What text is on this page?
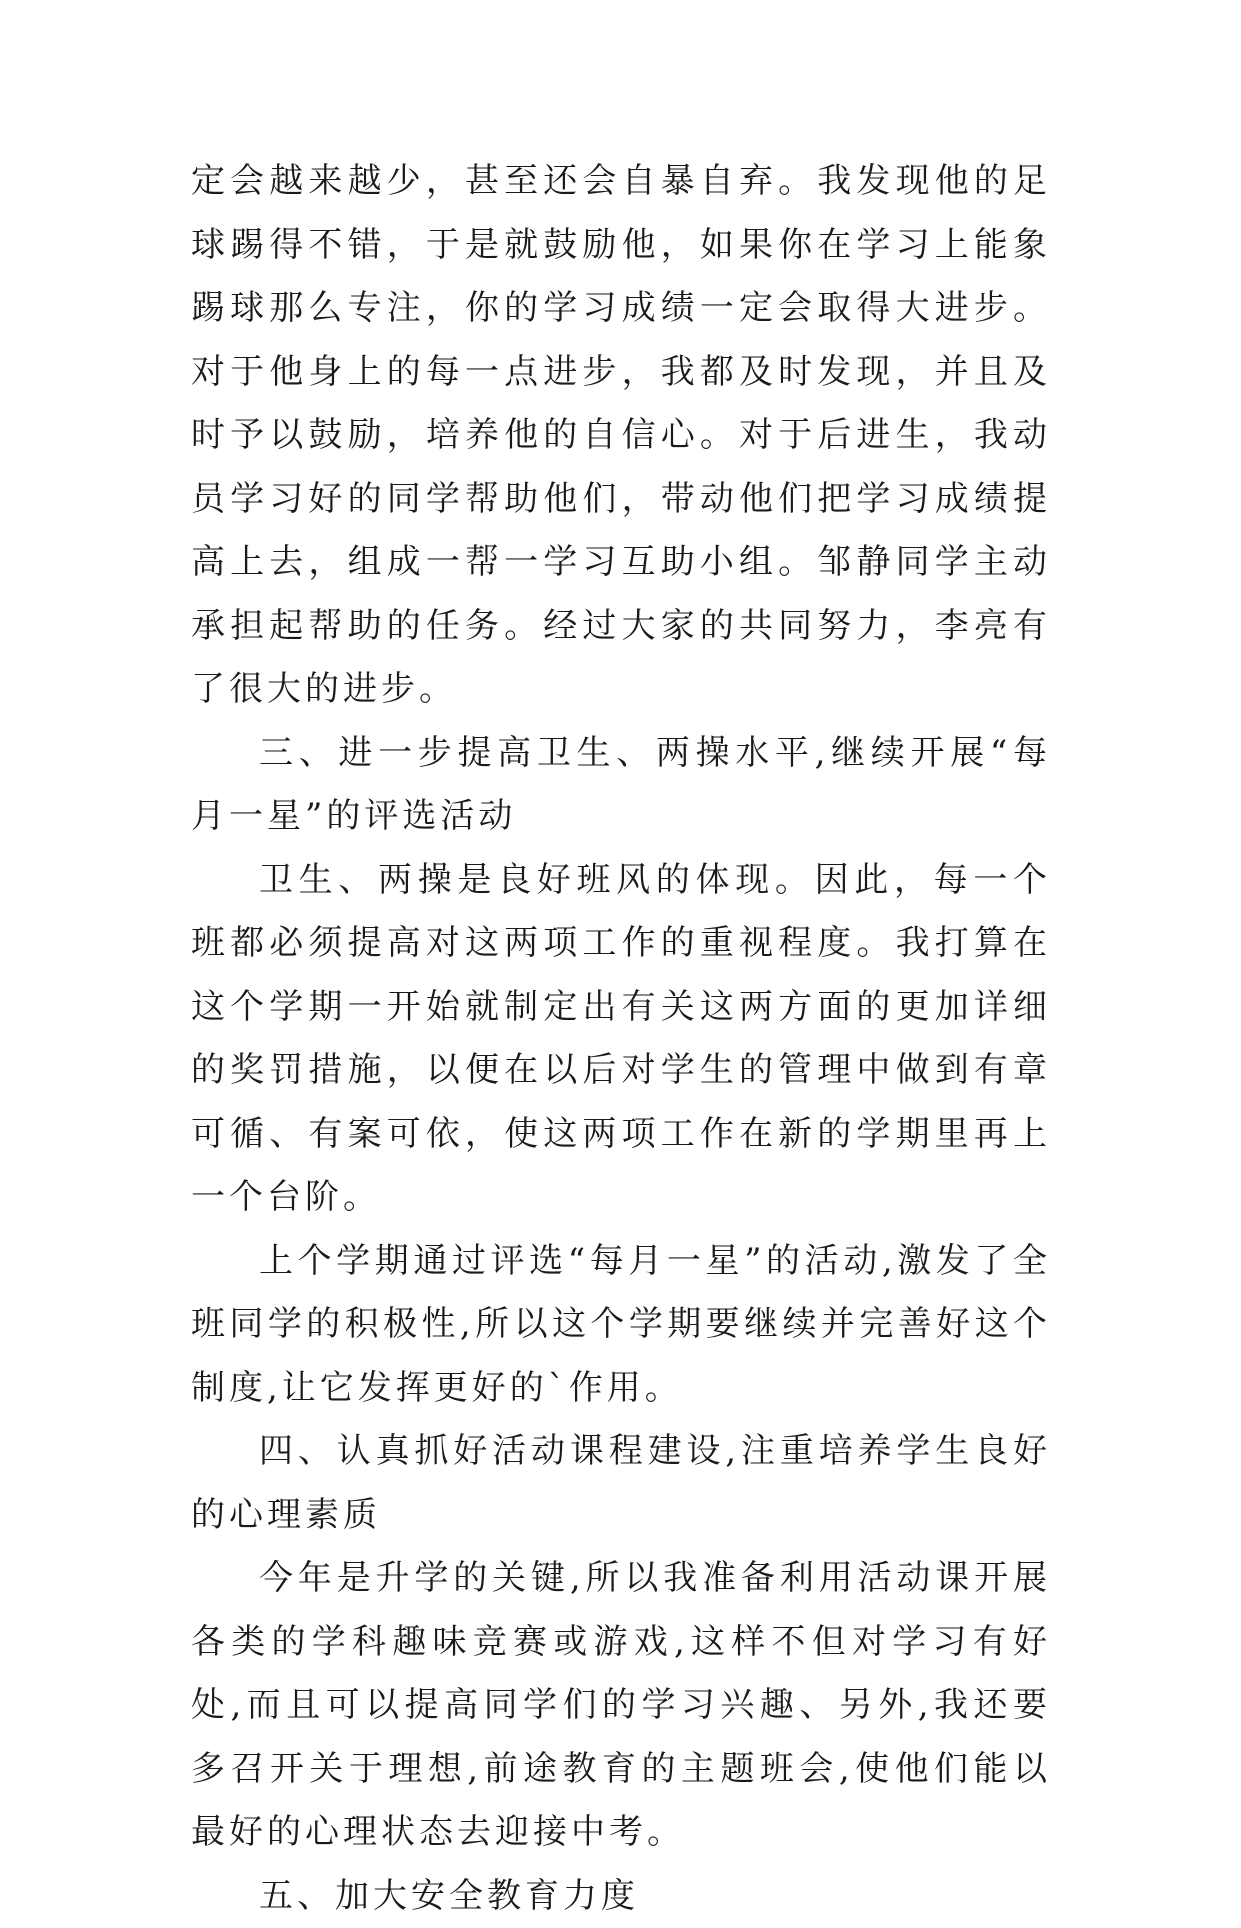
定会越来越少，甚至还会自暴自弃。我发现他的足球踢得不错，于是就鼓励他，如果你在学习上能象踢球那么专注，你的学习成绩一定会取得大进步。对于他身上的每一点进步，我都及时发现，并且及时予以鼓励，培养他的自信心。对于后进生，我动员学习好的同学帮助他们，带动他们把学习成绩提高上去，组成一帮一学习互助小组。邹静同学主动承担起帮助的任务。经过大家的共同努力，李亮有了很大的进步。

三、进一步提高卫生、两操水平,继续开展“每月一星”的评选活动

卫生、两操是良好班风的体现。因此，每一个班都必须提高对这两项工作的重视程度。我打算在这个学期一开始就制定出有关这两方面的更加详细的奖罚措施，以便在以后对学生的管理中做到有章可循、有案可依，使这两项工作在新的学期里再上一个台阶。

上个学期通过评选“每月一星”的活动,激发了全班同学的积极性,所以这个学期要继续并完善好这个制度,让它发挥更好的`作用。

四、认真抓好活动课程建设,注重培养学生良好的心理素质

今年是升学的关键,所以我准备利用活动课开展各类的学科趣味竞赛或游戏,这样不但对学习有好处,而且可以提高同学们的学习兴趣、另外,我还要多召开关于理想,前途教育的主题班会,使他们能以最好的心理状态去迎接中考。

五、加大安全教育力度
